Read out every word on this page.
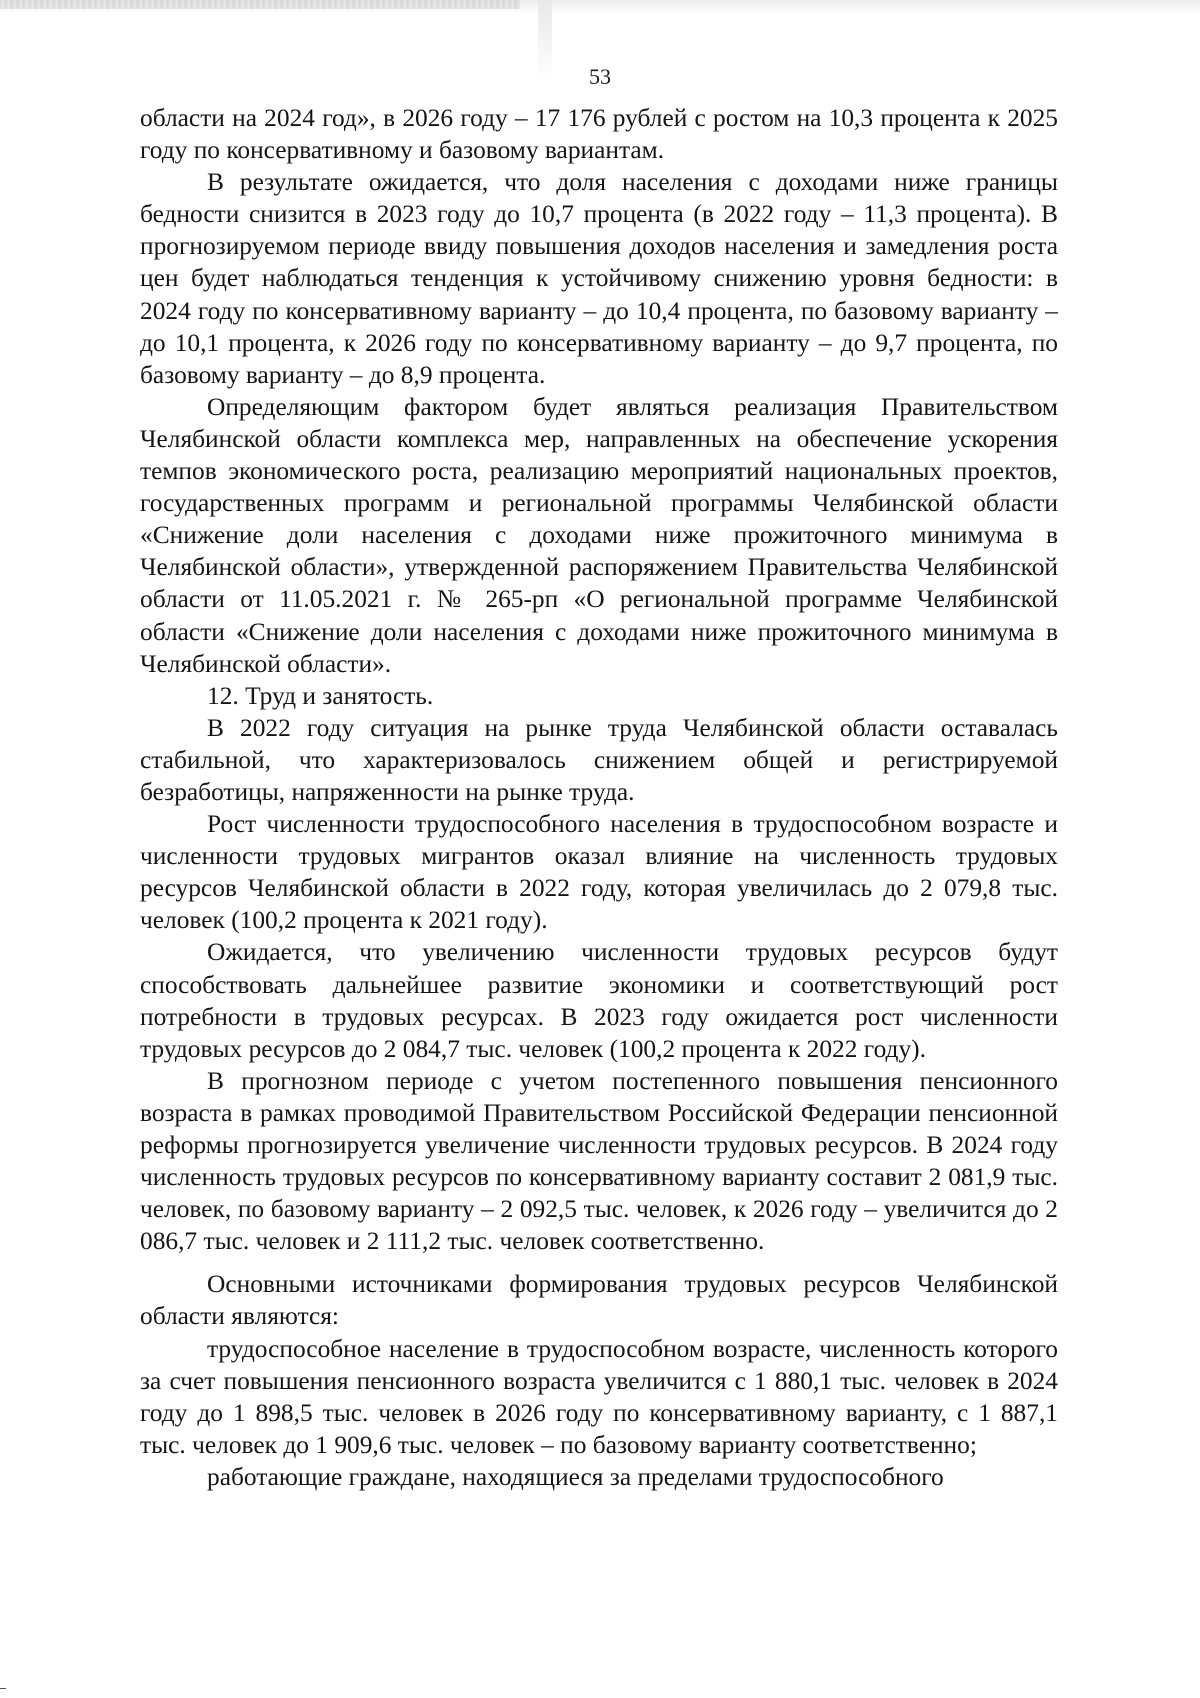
53

области на 2024 год», в 2026 году – 17 176 рублей с ростом на 10,3 процента к 2025 году по консервативному и базовому вариантам.

В результате ожидается, что доля населения с доходами ниже границы бедности снизится в 2023 году до 10,7 процента (в 2022 году – 11,3 процента). В прогнозируемом периоде ввиду повышения доходов населения и замедления роста цен будет наблюдаться тенденция к устойчивому снижению уровня бедности: в 2024 году по консервативному варианту – до 10,4 процента, по базовому варианту – до 10,1 процента, к 2026 году по консервативному варианту – до 9,7 процента, по базовому варианту – до 8,9 процента.

Определяющим фактором будет являться реализация Правительством Челябинской области комплекса мер, направленных на обеспечение ускорения темпов экономического роста, реализацию мероприятий национальных проектов, государственных программ и региональной программы Челябинской области «Снижение доли населения с доходами ниже прожиточного минимума в Челябинской области», утвержденной распоряжением Правительства Челябинской области от 11.05.2021 г. № 265-рп «О региональной программе Челябинской области «Снижение доли населения с доходами ниже прожиточного минимума в Челябинской области».

12. Труд и занятость.

В 2022 году ситуация на рынке труда Челябинской области оставалась стабильной, что характеризовалось снижением общей и регистрируемой безработицы, напряженности на рынке труда.

Рост численности трудоспособного населения в трудоспособном возрасте и численности трудовых мигрантов оказал влияние на численность трудовых ресурсов Челябинской области в 2022 году, которая увеличилась до 2 079,8 тыс. человек (100,2 процента к 2021 году).

Ожидается, что увеличению численности трудовых ресурсов будут способствовать дальнейшее развитие экономики и соответствующий рост потребности в трудовых ресурсах. В 2023 году ожидается рост численности трудовых ресурсов до 2 084,7 тыс. человек (100,2 процента к 2022 году).

В прогнозном периоде с учетом постепенного повышения пенсионного возраста в рамках проводимой Правительством Российской Федерации пенсионной реформы прогнозируется увеличение численности трудовых ресурсов. В 2024 году численность трудовых ресурсов по консервативному варианту составит 2 081,9 тыс. человек, по базовому варианту – 2 092,5 тыс. человек, к 2026 году – увеличится до 2 086,7 тыс. человек и 2 111,2 тыс. человек соответственно.

Основными источниками формирования трудовых ресурсов Челябинской области являются:

трудоспособное население в трудоспособном возрасте, численность которого за счет повышения пенсионного возраста увеличится с 1 880,1 тыс. человек в 2024 году до 1 898,5 тыс. человек в 2026 году по консервативному варианту, с 1 887,1 тыс. человек до 1 909,6 тыс. человек – по базовому варианту соответственно;

работающие граждане, находящиеся за пределами трудоспособного
